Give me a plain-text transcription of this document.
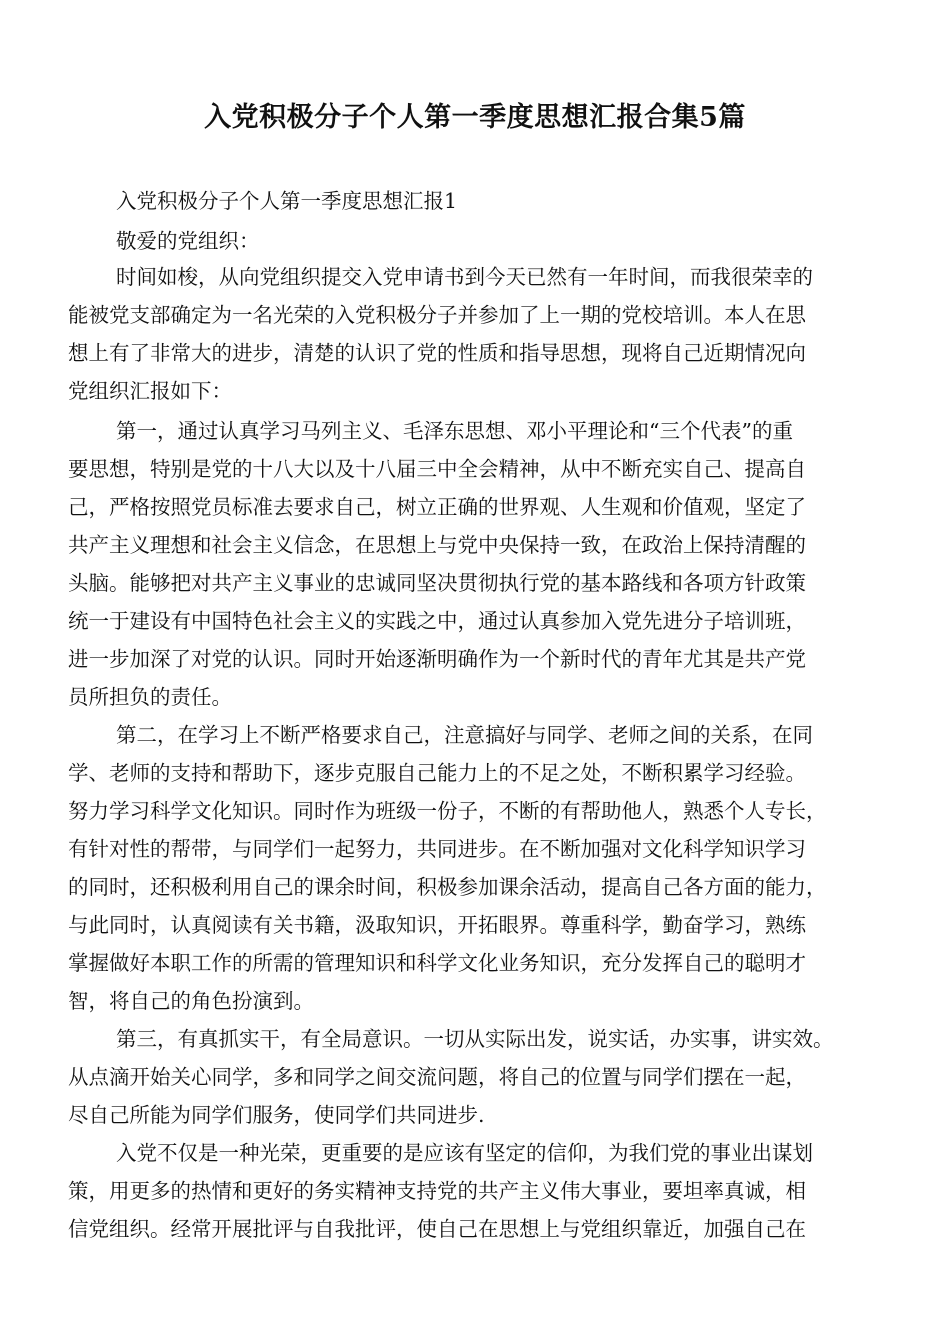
入党积极分子个人第一季度思想汇报合集5篇

入党积极分子个人第一季度思想汇报1

敬爱的党组织：

时间如梭，从向党组织提交入党申请书到今天已然有一年时间，而我很荣幸的

能被党支部确定为一名光荣的入党积极分子并参加了上一期的党校培训。本人在思

想上有了非常大的进步，清楚的认识了党的性质和指导思想，现将自己近期情况向

党组织汇报如下：

第一，通过认真学习马列主义、毛泽东思想、邓小平理论和“三个代表”的重

要思想，特别是党的十八大以及十八届三中全会精神，从中不断充实自己、提高自

己，严格按照党员标准去要求自己，树立正确的世界观、人生观和价值观，坚定了

共产主义理想和社会主义信念，在思想上与党中央保持一致，在政治上保持清醒的

头脑。能够把对共产主义事业的忠诚同坚决贯彻执行党的基本路线和各项方针政策

统一于建设有中国特色社会主义的实践之中，通过认真参加入党先进分子培训班，

进一步加深了对党的认识。同时开始逐渐明确作为一个新时代的青年尤其是共产党

员所担负的责任。

第二，在学习上不断严格要求自己，注意搞好与同学、老师之间的关系，在同

学、老师的支持和帮助下，逐步克服自己能力上的不足之处，不断积累学习经验。

努力学习科学文化知识。同时作为班级一份子，不断的有帮助他人，熟悉个人专长，

有针对性的帮带，与同学们一起努力，共同进步。在不断加强对文化科学知识学习

的同时，还积极利用自己的课余时间，积极参加课余活动，提高自己各方面的能力，

与此同时，认真阅读有关书籍，汲取知识，开拓眼界。尊重科学，勤奋学习，熟练

掌握做好本职工作的所需的管理知识和科学文化业务知识，充分发挥自己的聪明才

智，将自己的角色扮演到。

第三，有真抓实干，有全局意识。一切从实际出发，说实话，办实事，讲实效。

从点滴开始关心同学，多和同学之间交流问题，将自己的位置与同学们摆在一起，

尽自己所能为同学们服务，使同学们共同进步.

入党不仅是一种光荣，更重要的是应该有坚定的信仰，为我们党的事业出谋划

策，用更多的热情和更好的务实精神支持党的共产主义伟大事业，要坦率真诚，相

信党组织。经常开展批评与自我批评，使自己在思想上与党组织靠近，加强自己在
